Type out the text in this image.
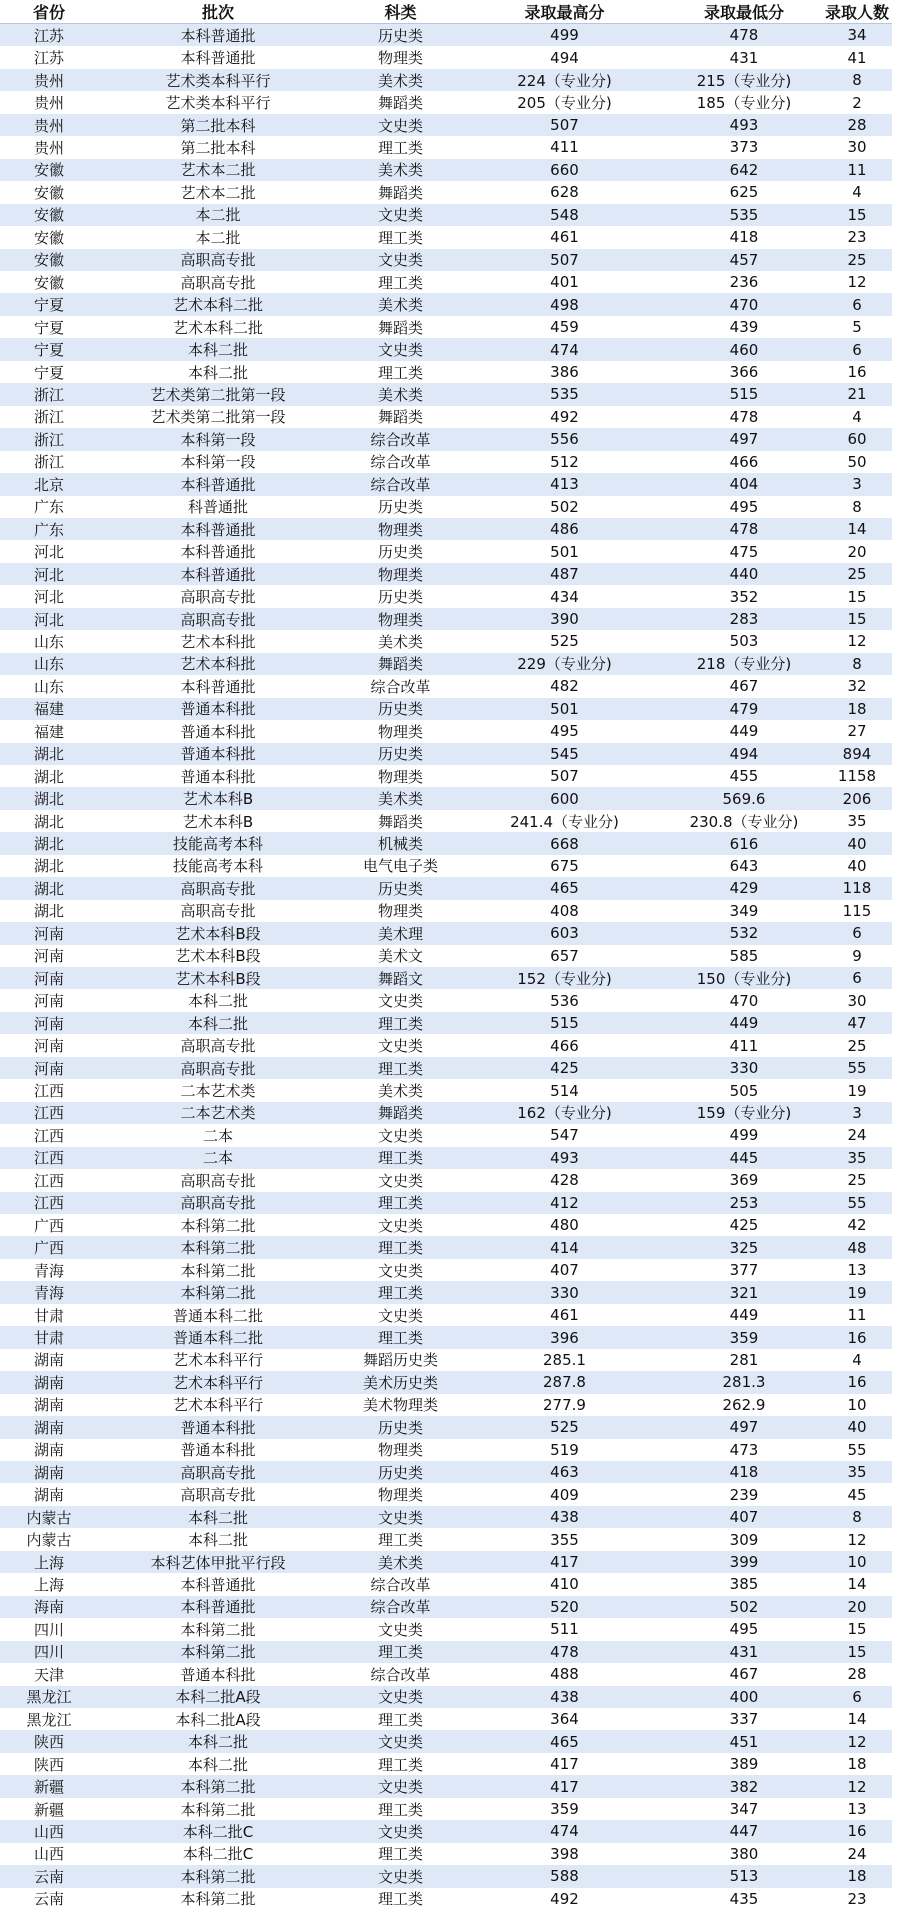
省份	批次	科类	录取最高分	录取最低分	录取人数
江苏	本科普通批	历史类	499	478	34
江苏	本科普通批	物理类	494	431	41
贵州	艺术类本科平行	美术类	224（专业分)	215（专业分)	8
贵州	艺术类本科平行	舞蹈类	205（专业分)	185（专业分)	2
贵州	第二批本科	文史类	507	493	28
贵州	第二批本科	理工类	411	373	30
安徽	艺术本二批	美术类	660	642	11
安徽	艺术本二批	舞蹈类	628	625	4
安徽	本二批	文史类	548	535	15
安徽	本二批	理工类	461	418	23
安徽	高职高专批	文史类	507	457	25
安徽	高职高专批	理工类	401	236	12
宁夏	艺术本科二批	美术类	498	470	6
宁夏	艺术本科二批	舞蹈类	459	439	5
宁夏	本科二批	文史类	474	460	6
宁夏	本科二批	理工类	386	366	16
浙江	艺术类第二批第一段	美术类	535	515	21
浙江	艺术类第二批第一段	舞蹈类	492	478	4
浙江	本科第一段	综合改革	556	497	60
浙江	本科第一段	综合改革	512	466	50
北京	本科普通批	综合改革	413	404	3
广东	科普通批	历史类	502	495	8
广东	本科普通批	物理类	486	478	14
河北	本科普通批	历史类	501	475	20
河北	本科普通批	物理类	487	440	25
河北	高职高专批	历史类	434	352	15
河北	高职高专批	物理类	390	283	15
山东	艺术本科批	美术类	525	503	12
山东	艺术本科批	舞蹈类	229（专业分)	218（专业分)	8
山东	本科普通批	综合改革	482	467	32
福建	普通本科批	历史类	501	479	18
福建	普通本科批	物理类	495	449	27
湖北	普通本科批	历史类	545	494	894
湖北	普通本科批	物理类	507	455	1158
湖北	艺术本科B	美术类	600	569.6	206
湖北	艺术本科B	舞蹈类	241.4（专业分)	230.8（专业分)	35
湖北	技能高考本科	机械类	668	616	40
湖北	技能高考本科	电气电子类	675	643	40
湖北	高职高专批	历史类	465	429	118
湖北	高职高专批	物理类	408	349	115
河南	艺术本科B段	美术理	603	532	6
河南	艺术本科B段	美术文	657	585	9
河南	艺术本科B段	舞蹈文	152（专业分)	150（专业分)	6
河南	本科二批	文史类	536	470	30
河南	本科二批	理工类	515	449	47
河南	高职高专批	文史类	466	411	25
河南	高职高专批	理工类	425	330	55
江西	二本艺术类	美术类	514	505	19
江西	二本艺术类	舞蹈类	162（专业分)	159（专业分)	3
江西	二本	文史类	547	499	24
江西	二本	理工类	493	445	35
江西	高职高专批	文史类	428	369	25
江西	高职高专批	理工类	412	253	55
广西	本科第二批	文史类	480	425	42
广西	本科第二批	理工类	414	325	48
青海	本科第二批	文史类	407	377	13
青海	本科第二批	理工类	330	321	19
甘肃	普通本科二批	文史类	461	449	11
甘肃	普通本科二批	理工类	396	359	16
湖南	艺术本科平行	舞蹈历史类	285.1	281	4
湖南	艺术本科平行	美术历史类	287.8	281.3	16
湖南	艺术本科平行	美术物理类	277.9	262.9	10
湖南	普通本科批	历史类	525	497	40
湖南	普通本科批	物理类	519	473	55
湖南	高职高专批	历史类	463	418	35
湖南	高职高专批	物理类	409	239	45
内蒙古	本科二批	文史类	438	407	8
内蒙古	本科二批	理工类	355	309	12
上海	本科艺体甲批平行段	美术类	417	399	10
上海	本科普通批	综合改革	410	385	14
海南	本科普通批	综合改革	520	502	20
四川	本科第二批	文史类	511	495	15
四川	本科第二批	理工类	478	431	15
天津	普通本科批	综合改革	488	467	28
黑龙江	本科二批A段	文史类	438	400	6
黑龙江	本科二批A段	理工类	364	337	14
陕西	本科二批	文史类	465	451	12
陕西	本科二批	理工类	417	389	18
新疆	本科第二批	文史类	417	382	12
新疆	本科第二批	理工类	359	347	13
山西	本科二批C	文史类	474	447	16
山西	本科二批C	理工类	398	380	24
云南	本科第二批	文史类	588	513	18
云南	本科第二批	理工类	492	435	23
